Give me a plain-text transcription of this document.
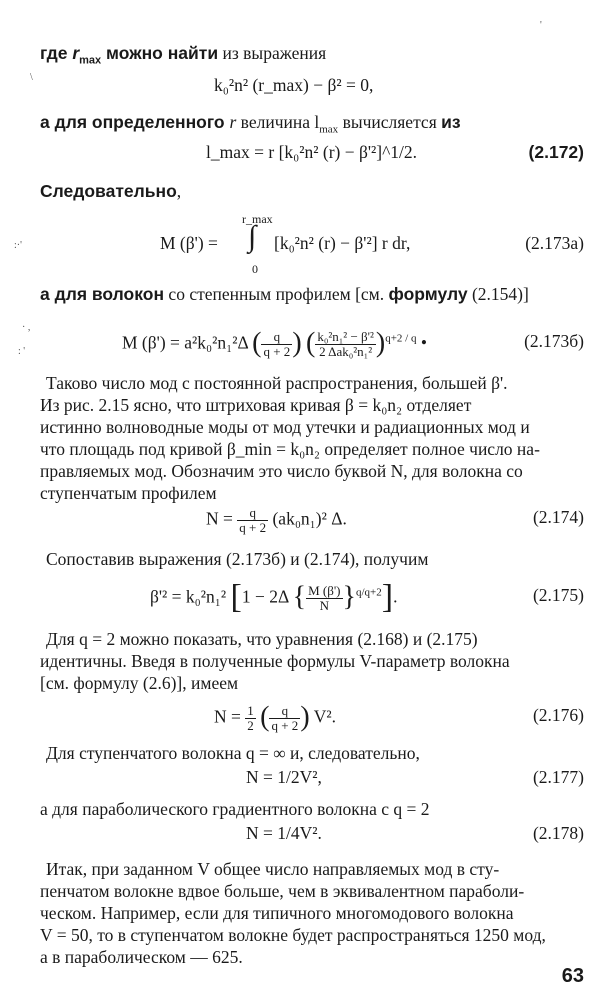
где $r_{max}$ можно найти из выражения
k₀²n² (r_max) − β² = 0,
а для определенного r величина $l_{max}$ вычисляется из
l_max = r [k₀²n² (r) − β'²]^1/2.	(2.172)
Следовательно,
r_max
∫
0
M (β') =	[k₀²n² (r) − β'²] r dr,	(2.173а)
а для волокон со степенным профилем [см. формулу (2.154)]
M (β') = a²k₀²n₁²Δ ( $\frac{q}{q + 2}$ ) ( $\frac{\text{k₀²n₁² − β'²}}{\text{2 Δak₀²n₁²}} )^{q+2 / q}$ •	(2.173б)
Таково число мод с постоянной распространения, большей β'.
Из рис. 2.15 ясно, что штриховая кривая β = k₀n₂ отделяет
истинно волноводные моды от мод утечки и радиационных мод и
что площадь под кривой β_min = k₀n₂ определяет полное число на-
правляемых мод. Обозначим это число буквой N, для волокна со
ступенчатым профилем
$N = \frac{q}{q + 2} (ak_0n_1)^2$ Δ.	(2.174)
Сопоставив выражения (2.173б) и (2.174), получим
β'² = k₀²n₁² [1 − 2Δ { $\frac{M (\beta')}{N} \}^{q/q+2}$].	(2.175)
Для q = 2 можно показать, что уравнения (2.168) и (2.175)
идентичны. Введя в полученные формулы V-параметр волокна
[см. формулу (2.6)], имеем
$N = \frac{1}{2}$ ( $\frac{q}{q + 2}$ ) V².	(2.176)
Для ступенчатого волокна q = ∞ и, следовательно,
N = 1/2V²,	(2.177)
а для параболического градиентного волокна с q = 2
N = 1/4V².	(2.178)
Итак, при заданном V общее число направляемых мод в сту-
пенчатом волокне вдвое больше, чем в эквивалентном параболи-
ческом. Например, если для типичного многомодового волокна
V = 50, то в ступенчатом волокне будет распространяться 1250 мод,
а в параболическом — 625.
63
'
\
:·'
· ,
: '
